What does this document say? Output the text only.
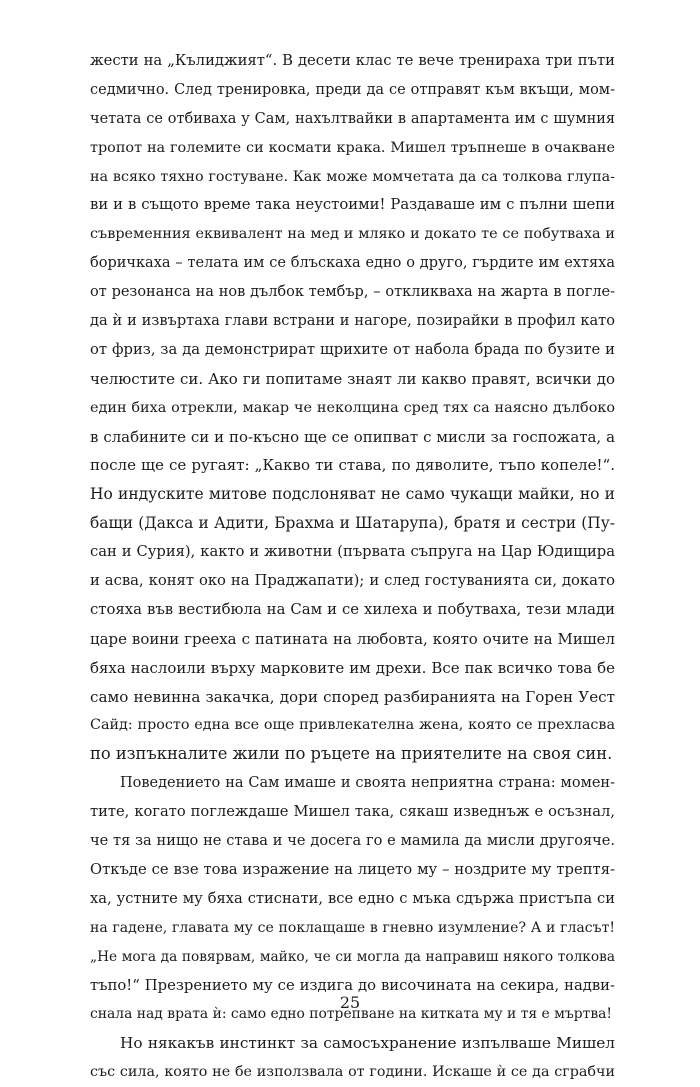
жести на „Кълиджият“. В десети клас те вече тренираха три пъти
седмично. След тренировка, преди да се отправят към вкъщи, мом-
четата се отбиваха у Сам, нахълтвайки в апартамента им с шумния
тропот на големите си космати крака. Мишел тръпнеше в очакване
на всяко тяхно гостуване. Как може момчетата да са толкова глупа-
ви и в същото време така неустоими! Раздаваше им с пълни шепи
съвременния еквивалент на мед и мляко и докато те се побутваха и
боричкаха – телата им се блъскаха едно о друго, гърдите им ехтяха
от резонанса на нов дълбок тембър, – откликваха на жарта в погле-
да ѝ и извъртаха глави встрани и нагоре, позирайки в профил като
от фриз, за да демонстрират щрихите от набола брада по бузите и
челюстите си. Ако ги попитаме знаят ли какво правят, всички до
един биха отрекли, макар че неколцина сред тях са наясно дълбоко
в слабините си и по-късно ще се опипват с мисли за госпожата, а
после ще се ругаят: „Какво ти става, по дяволите, тъпо копеле!“.
Но индуските митове подслоняват не само чукащи майки, но и
бащи (Дакса и Адити, Брахма и Шатарупа), братя и сестри (Пу-
сан и Сурия), както и животни (първата съпруга на Цар Юдищира
и асва, конят око на Праджапати); и след гостуванията си, докато
стояха във вестибюла на Сам и се хилеха и побутваха, тези млади
царе воини грееха с патината на любовта, която очите на Мишел
бяха наслоили върху марковите им дрехи. Все пак всичко това бе
само невинна закачка, дори според разбиранията на Горен Уест
Сайд: просто една все още привлекателна жена, която се прехласва
по изпъкналите жили по ръцете на приятелите на своя син.
Поведението на Сам имаше и своята неприятна страна: момен-
тите, когато поглеждаше Мишел така, сякаш изведнъж е осъзнал,
че тя за нищо не става и че досега го е мамила да мисли другояче.
Откъде се взе това изражение на лицето му – ноздрите му трептя-
ха, устните му бяха стиснати, все едно с мъка сдържа пристъпа си
на гадене, главата му се поклащаше в гневно изумление? А и гласът!
„Не мога да повярвам, майко, че си могла да направиш някого толкова
тъпо!“ Презрението му се издига до височината на секира, надви-
снала над врата ѝ: само едно потрепване на китката му и тя е мъртва!
Но някакъв инстинкт за самосъхранение изпълваше Мишел
със сила, която не бе използвала от години. Искаше ѝ се да сграбчи
25
